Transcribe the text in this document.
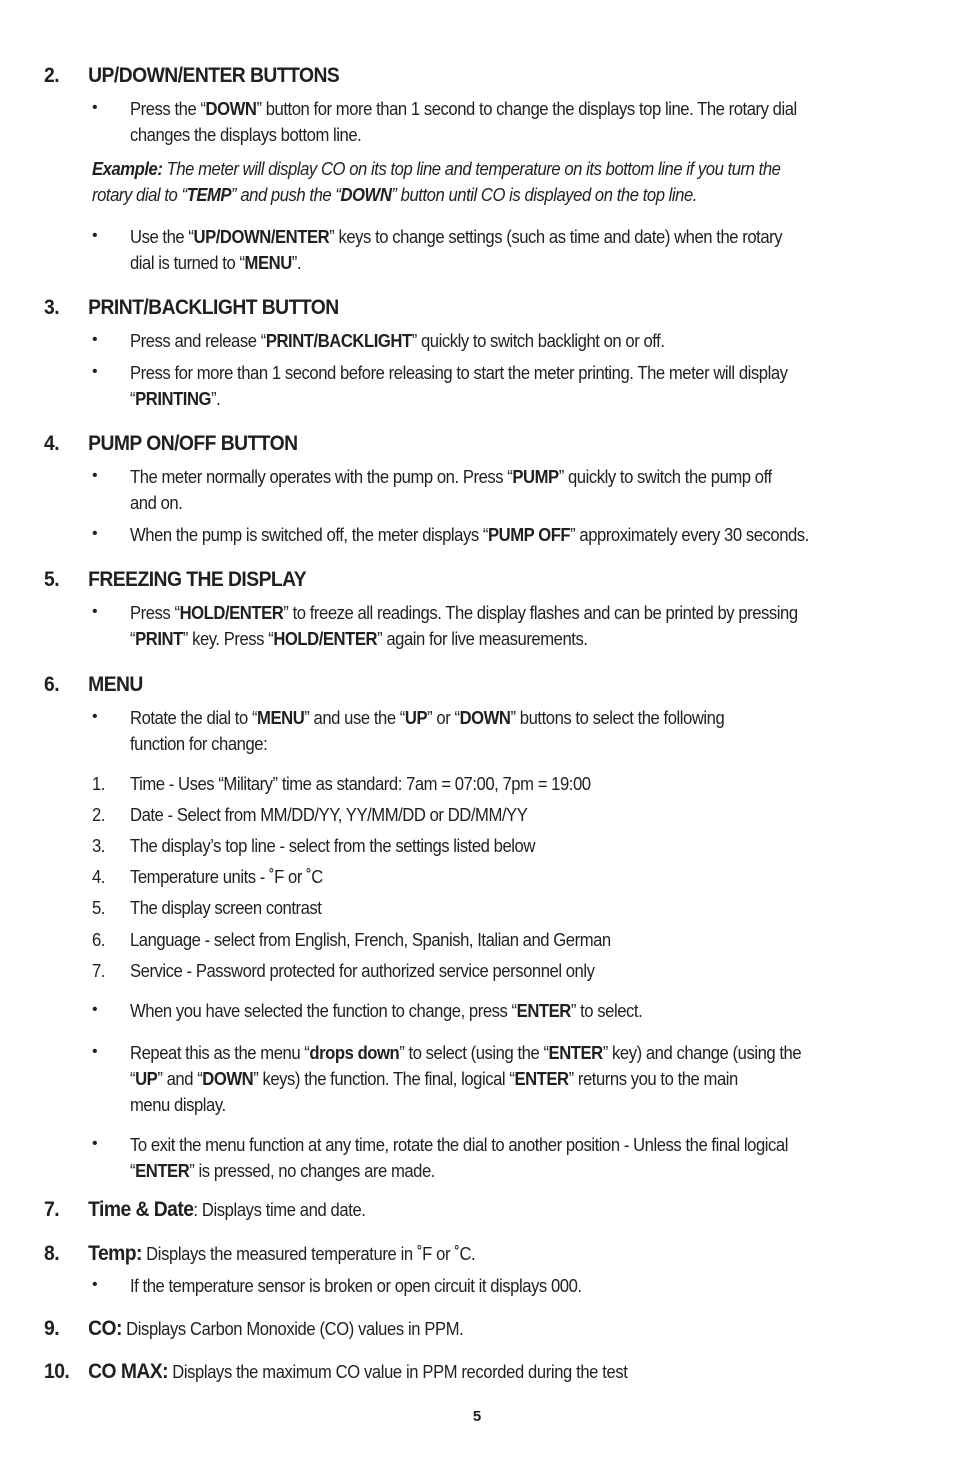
2. UP/DOWN/ENTER BUTTONS
• Press the “DOWN” button for more than 1 second to change the displays top line. The rotary dial
changes the displays bottom line.
Example: The meter will display CO on its top line and temperature on its bottom line if you turn the
rotary dial to “TEMP” and push the “DOWN” button until CO is displayed on the top line.
• Use the “UP/DOWN/ENTER” keys to change settings (such as time and date) when the rotary
dial is turned to “MENU”.
3. PRINT/BACKLIGHT BUTTON
• Press and release “PRINT/BACKLIGHT” quickly to switch backlight on or off.
• Press for more than 1 second before releasing to start the meter printing. The meter will display
“PRINTING”.
4. PUMP ON/OFF BUTTON
• The meter normally operates with the pump on. Press “PUMP” quickly to switch the pump off
and on.
• When the pump is switched off, the meter displays “PUMP OFF” approximately every 30 seconds.
5. FREEZING THE DISPLAY
• Press “HOLD/ENTER” to freeze all readings. The display flashes and can be printed by pressing
“PRINT” key. Press “HOLD/ENTER” again for live measurements.
6. MENU
• Rotate the dial to “MENU” and use the “UP” or “DOWN” buttons to select the following
function for change:
1. Time - Uses “Military” time as standard: 7am = 07:00, 7pm = 19:00
2. Date - Select from MM/DD/YY, YY/MM/DD or DD/MM/YY
3. The display’s top line - select from the settings listed below
4. Temperature units - ˚F or ˚C
5. The display screen contrast
6. Language - select from English, French, Spanish, Italian and German
7. Service - Password protected for authorized service personnel only
• When you have selected the function to change, press “ENTER” to select.
• Repeat this as the menu “drops down” to select (using the “ENTER” key) and change (using the
“UP” and “DOWN” keys) the function. The final, logical “ENTER” returns you to the main
menu display.
• To exit the menu function at any time, rotate the dial to another position - Unless the final logical
“ENTER” is pressed, no changes are made.
7. Time & Date: Displays time and date.
8. Temp: Displays the measured temperature in ˚F or ˚C.
• If the temperature sensor is broken or open circuit it displays 000.
9. CO: Displays Carbon Monoxide (CO) values in PPM.
10. CO MAX: Displays the maximum CO value in PPM recorded during the test
5
